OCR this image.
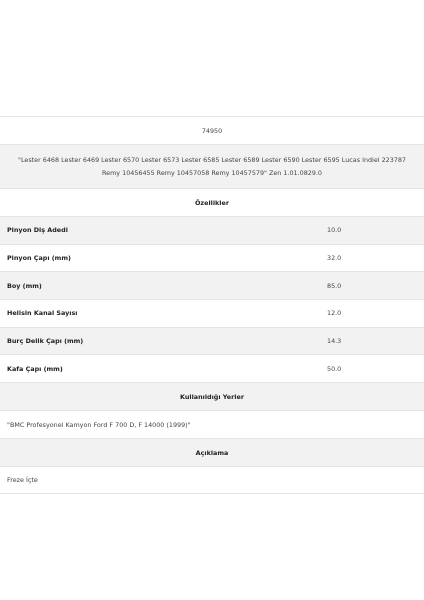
74950
"Lester 6468 Lester 6469 Lester 6570 Lester 6573 Lester 6585 Lester 6589 Lester 6590 Lester 6595 Lucas Indiel 223787 Remy 10456455 Remy 10457058 Remy 10457579" Zen 1.01.0829.0
Özellikler
Pinyon Diş Adedi	10.0
Pinyon Çapı (mm)	32.0
Boy (mm)	85.0
Helisin Kanal Sayısı	12.0
Burç Delik Çapı (mm)	14.3
Kafa Çapı (mm)	50.0
Kullanıldığı Yerler
"BMC Profesyonel Kamyon Ford F 700 D, F 14000 (1999)"
Açıklama
Freze İçte
